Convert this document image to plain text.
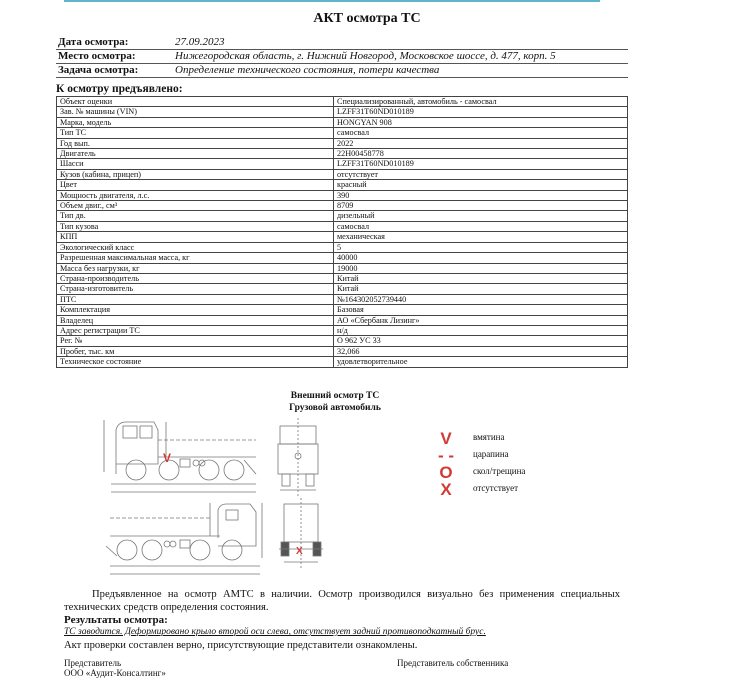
АКТ осмотра ТС
Дата осмотра:	27.09.2023
Место осмотра:	Нижегородская область, г. Нижний Новгород, Московское шоссе, д. 477, корп. 5
Задача осмотра:	Определение технического состояния, потери качества
К осмотру предъявлено:
Объект оценки	Специализированный, автомобиль - самосвал
Зав. № машины (VIN)	LZFF31T60ND010189
Марка, модель	HONGYAN 908
Тип ТС	самосвал
Год вып.	2022
Двигатель	22H00458778
Шасси	LZFF31T60ND010189
Кузов (кабина, прицеп)	отсутствует
Цвет	красный
Мощность двигателя, л.с.	390
Объем двиг., см³	8709
Тип дв.	дизельный
Тип кузова	самосвал
КПП	механическая
Экологический класс	5
Разрешенная максимальная масса, кг	40000
Масса без нагрузки, кг	19000
Страна-производитель	Китай
Страна-изготовитель	Китай
ПТС	№164302052739440
Комплектация	Базовая
Владелец	АО «Сбербанк Лизинг»
Адрес регистрации ТС	н/д
Рег. №	О 962 УС 33
Пробег, тыс. км	32,066
Техническое состояние	удовлетворительное
Внешний осмотр ТС
Грузовой автомобиль
V
X
V	вмятина
- - царапина
O	скол/трещина
X	отсутствует
Предъявленное на осмотр АМТС в наличии. Осмотр производился визуально без применения специальных технических средств определения состояния.
Результаты осмотра:
ТС заводится. Деформировано крыло второй оси слева, отсутствует задний противоподкатный брус.
Акт проверки составлен верно, присутствующие представители ознакомлены.
Представитель
ООО «Аудит-Консалтинг»
Представитель собственника
